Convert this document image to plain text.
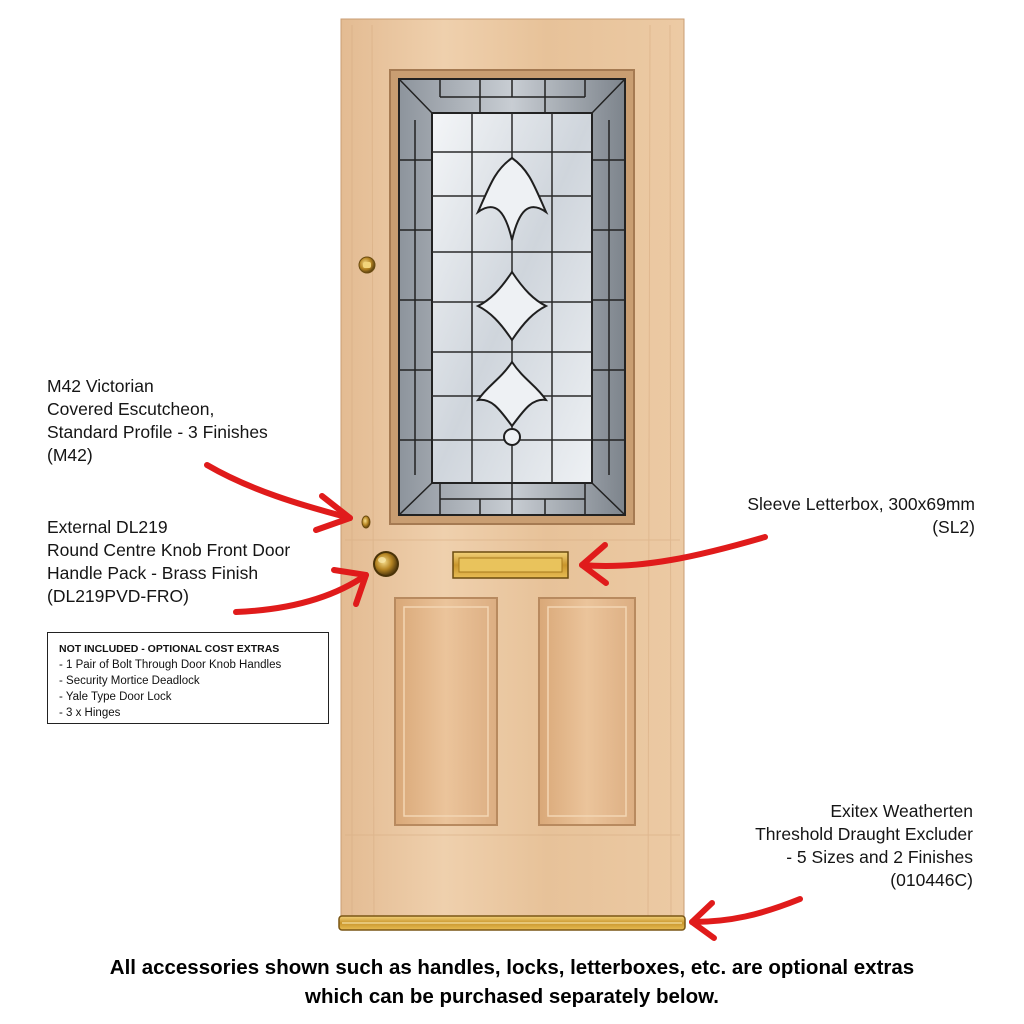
M42 Victorian
Covered Escutcheon,
Standard Profile - 3 Finishes
(M42)
External DL219
Round Centre Knob Front Door
Handle Pack - Brass Finish
(DL219PVD-FRO)
NOT INCLUDED - OPTIONAL COST EXTRAS
- 1 Pair of Bolt Through Door Knob Handles
- Security Mortice Deadlock
- Yale Type Door Lock
- 3 x Hinges
Sleeve Letterbox, 300x69mm
(SL2)
Exitex Weatherten
Threshold Draught Excluder
- 5 Sizes and 2 Finishes
(010446C)
All accessories shown such as handles, locks, letterboxes, etc. are optional extras
which can be purchased separately below.
